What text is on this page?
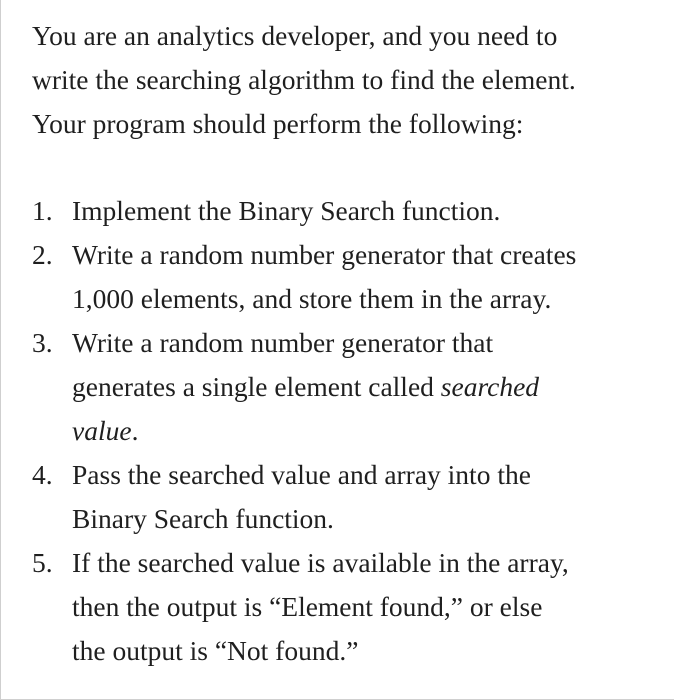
You are an analytics developer, and you need to

write the searching algorithm to find the element.

Your program should perform the following:

1. Implement the Binary Search function.
2. Write a random number generator that creates
1,000 elements, and store them in the array.
3. Write a random number generator that
generates a single element called searched
value.
4. Pass the searched value and array into the
Binary Search function.
5. If the searched value is available in the array,
then the output is “Element found,” or else
the output is “Not found.”
